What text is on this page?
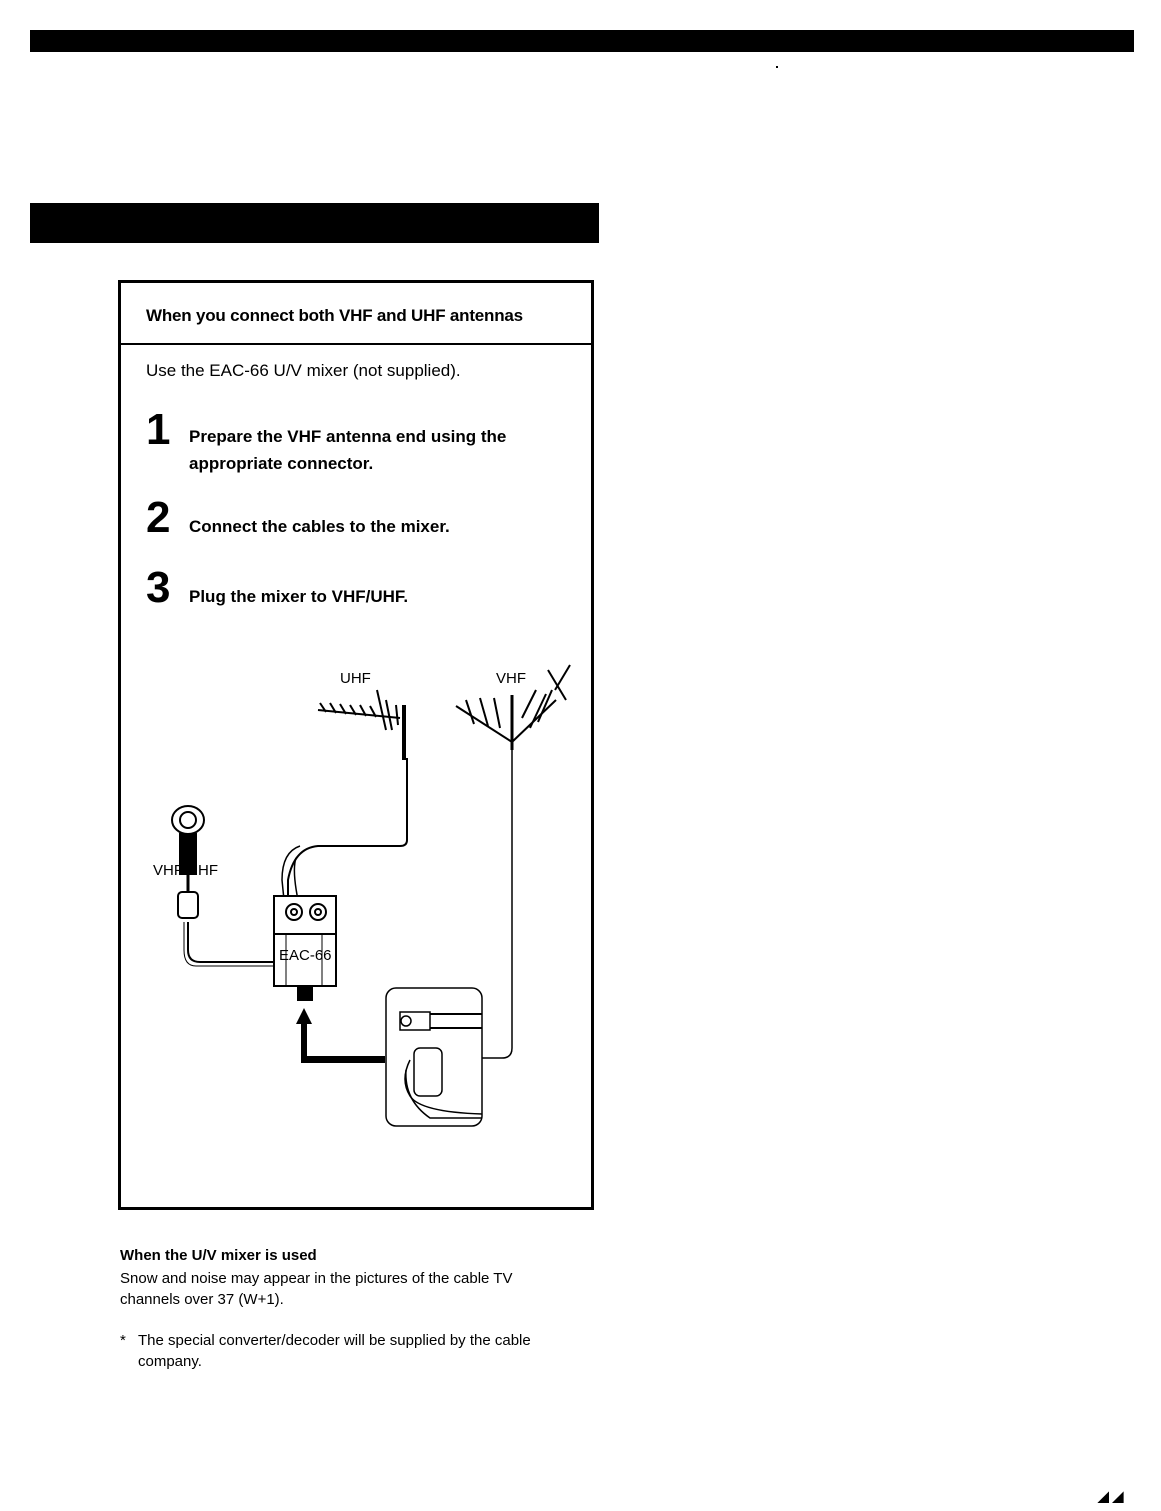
When you connect both VHF and UHF antennas
Use the EAC-66 U/V mixer (not supplied).
1 Prepare the VHF antenna end using the appropriate connector.
2 Connect the cables to the mixer.
3 Plug the mixer to VHF/UHF.
EAC-66
VHF/UHF
UHF	VHF
When the U/V mixer is used
Snow and noise may appear in the pictures of the cable TV channels over 37 (W+1).
* The special converter/decoder will be supplied by the cable company.
◢ ◢
